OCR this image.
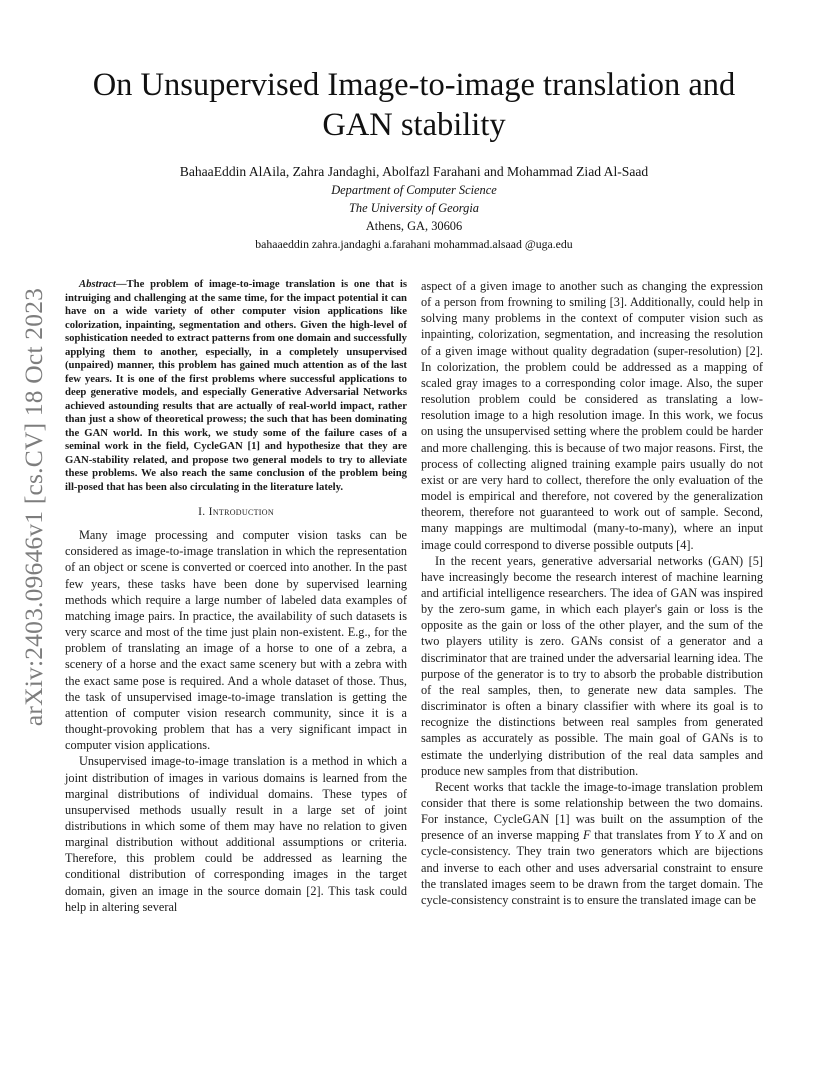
arXiv:2403.09646v1 [cs.CV] 18 Oct 2023
On Unsupervised Image-to-image translation and GAN stability
BahaaEddin AlAila, Zahra Jandaghi, Abolfazl Farahani and Mohammad Ziad Al-Saad
Department of Computer Science
The University of Georgia
Athens, GA, 30606
bahaaeddin zahra.jandaghi a.farahani mohammad.alsaad @uga.edu

Abstract—The problem of image-to-image translation is one that is intruiging and challenging at the same time, for the impact potential it can have on a wide variety of other computer vision applications like colorization, inpainting, segmentation and others. Given the high-level of sophistication needed to extract patterns from one domain and successfully applying them to another, especially, in a completely unsupervised (unpaired) manner, this problem has gained much attention as of the last few years. It is one of the first problems where successful applications to deep generative models, and especially Generative Adversarial Networks achieved astounding results that are actually of real-world impact, rather than just a show of theoretical prowess; the such that has been dominating the GAN world. In this work, we study some of the failure cases of a seminal work in the field, CycleGAN [1] and hypothesize that they are GAN-stability related, and propose two general models to try to alleviate these problems. We also reach the same conclusion of the problem being ill-posed that has been also circulating in the literature lately.

I. Introduction

Many image processing and computer vision tasks can be considered as image-to-image translation in which the representation of an object or scene is converted or coerced into another. In the past few years, these tasks have been done by supervised learning methods which require a large number of labeled data examples of matching image pairs. In practice, the availability of such datasets is very scarce and most of the time just plain non-existent. E.g., for the problem of translating an image of a horse to one of a zebra, a scenery of a horse and the exact same scenery but with a zebra with the exact same pose is required. And a whole dataset of those. Thus, the task of unsupervised image-to-image translation is getting the attention of computer vision research community, since it is a thought-provoking problem that has a very significant impact in computer vision applications.

Unsupervised image-to-image translation is a method in which a joint distribution of images in various domains is learned from the marginal distributions of individual domains. These types of unsupervised methods usually result in a large set of joint distributions in which some of them may have no relation to given marginal distribution without additional assumptions or criteria. Therefore, this problem could be addressed as learning the conditional distribution of corresponding images in the target domain, given an image in the source domain [2]. This task could help in altering several

aspect of a given image to another such as changing the expression of a person from frowning to smiling [3]. Additionally, could help in solving many problems in the context of computer vision such as inpainting, colorization, segmentation, and increasing the resolution of a given image without quality degradation (super-resolution) [2]. In colorization, the problem could be addressed as a mapping of scaled gray images to a corresponding color image. Also, the super resolution problem could be considered as translating a low-resolution image to a high resolution image. In this work, we focus on using the unsupervised setting where the problem could be harder and more challenging. this is because of two major reasons. First, the process of collecting aligned training example pairs usually do not exist or are very hard to collect, therefore the only evaluation of the model is empirical and therefore, not covered by the generalization theorem, therefore not guaranteed to work out of sample. Second, many mappings are multimodal (many-to-many), where an input image could correspond to diverse possible outputs [4].

In the recent years, generative adversarial networks (GAN) [5] have increasingly become the research interest of machine learning and artificial intelligence researchers. The idea of GAN was inspired by the zero-sum game, in which each player's gain or loss is the opposite as the gain or loss of the other player, and the sum of the two players utility is zero. GANs consist of a generator and a discriminator that are trained under the adversarial learning idea. The purpose of the generator is to try to absorb the probable distribution of the real samples, then, to generate new data samples. The discriminator is often a binary classifier with where its goal is to recognize the distinctions between real samples from generated samples as accurately as possible. The main goal of GANs is to estimate the underlying distribution of the real data samples and produce new samples from that distribution.

Recent works that tackle the image-to-image translation problem consider that there is some relationship between the two domains. For instance, CycleGAN [1] was built on the assumption of the presence of an inverse mapping F that translates from Y to X and on cycle-consistency. They train two generators which are bijections and inverse to each other and uses adversarial constraint to ensure the translated images seem to be drawn from the target domain. The cycle-consistency constraint is to ensure the translated image can be
